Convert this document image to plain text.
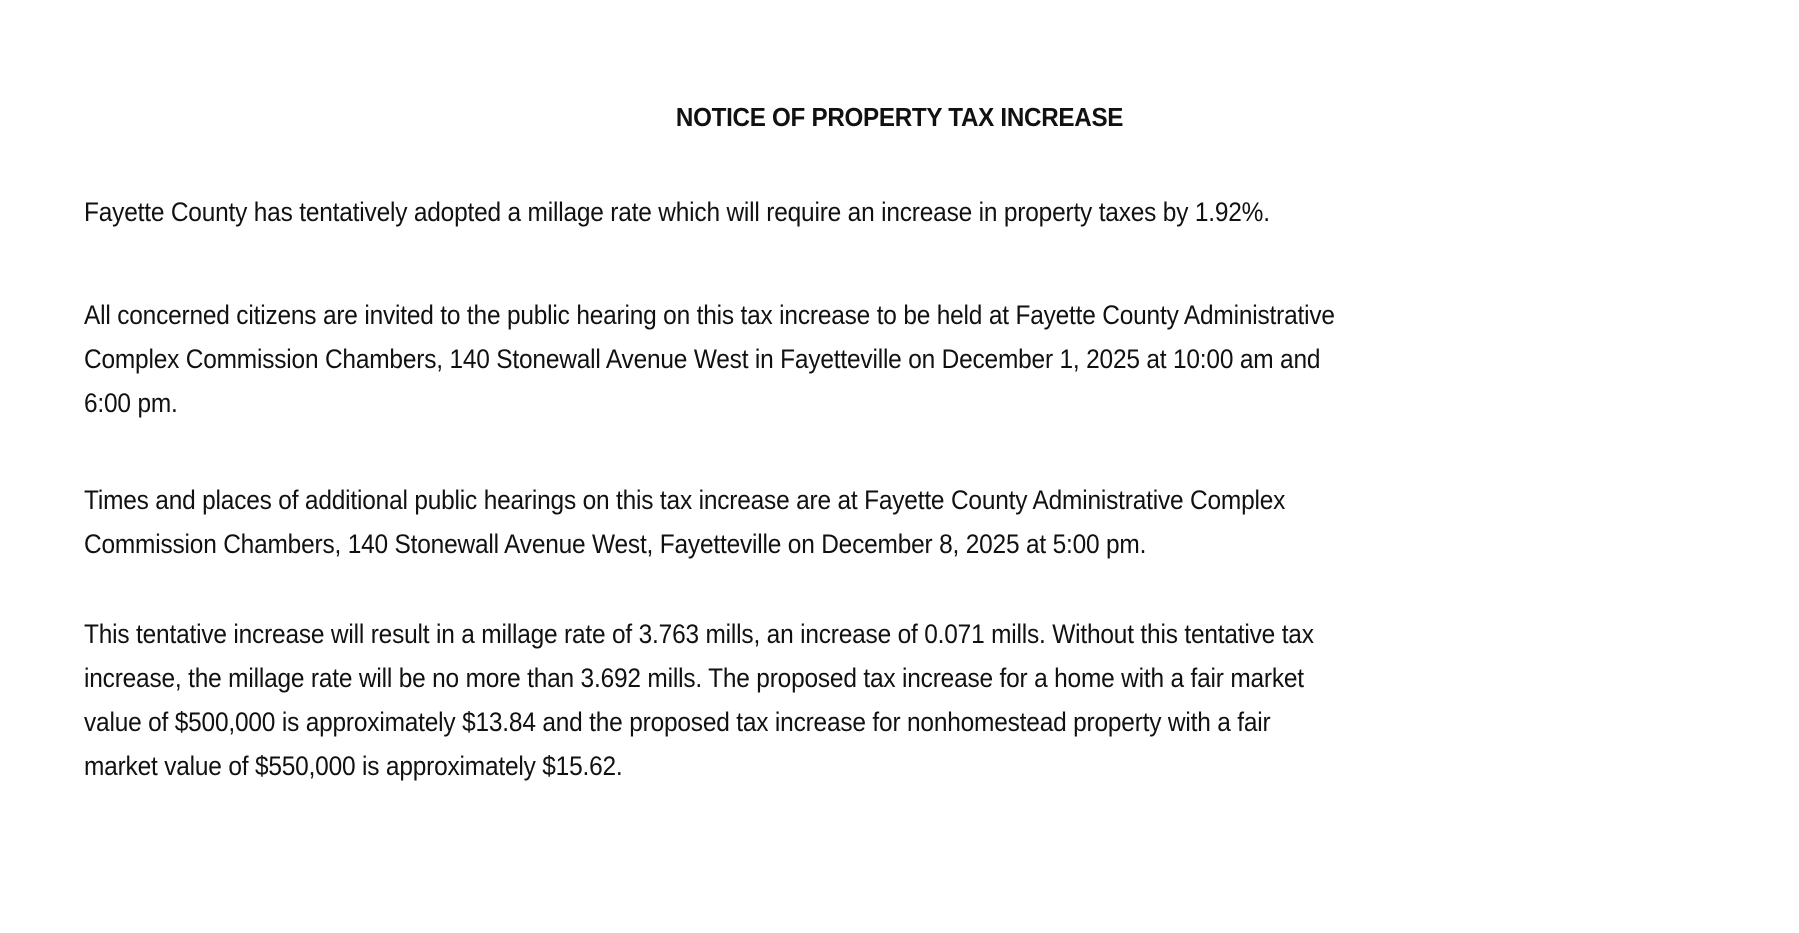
NOTICE OF PROPERTY TAX INCREASE
Fayette County has tentatively adopted a millage rate which will require an increase in property taxes by 1.92%.
All concerned citizens are invited to the public hearing on this tax increase to be held at Fayette County Administrative
Complex Commission Chambers, 140 Stonewall Avenue West in Fayetteville on December 1, 2025 at 10:00 am and
6:00 pm.
Times and places of additional public hearings on this tax increase are at Fayette County Administrative Complex
Commission Chambers, 140 Stonewall Avenue West, Fayetteville on December 8, 2025 at 5:00 pm.
This tentative increase will result in a millage rate of 3.763 mills, an increase of 0.071 mills. Without this tentative tax
increase, the millage rate will be no more than 3.692 mills. The proposed tax increase for a home with a fair market
value of $500,000 is approximately $13.84 and the proposed tax increase for nonhomestead property with a fair
market value of $550,000 is approximately $15.62.
